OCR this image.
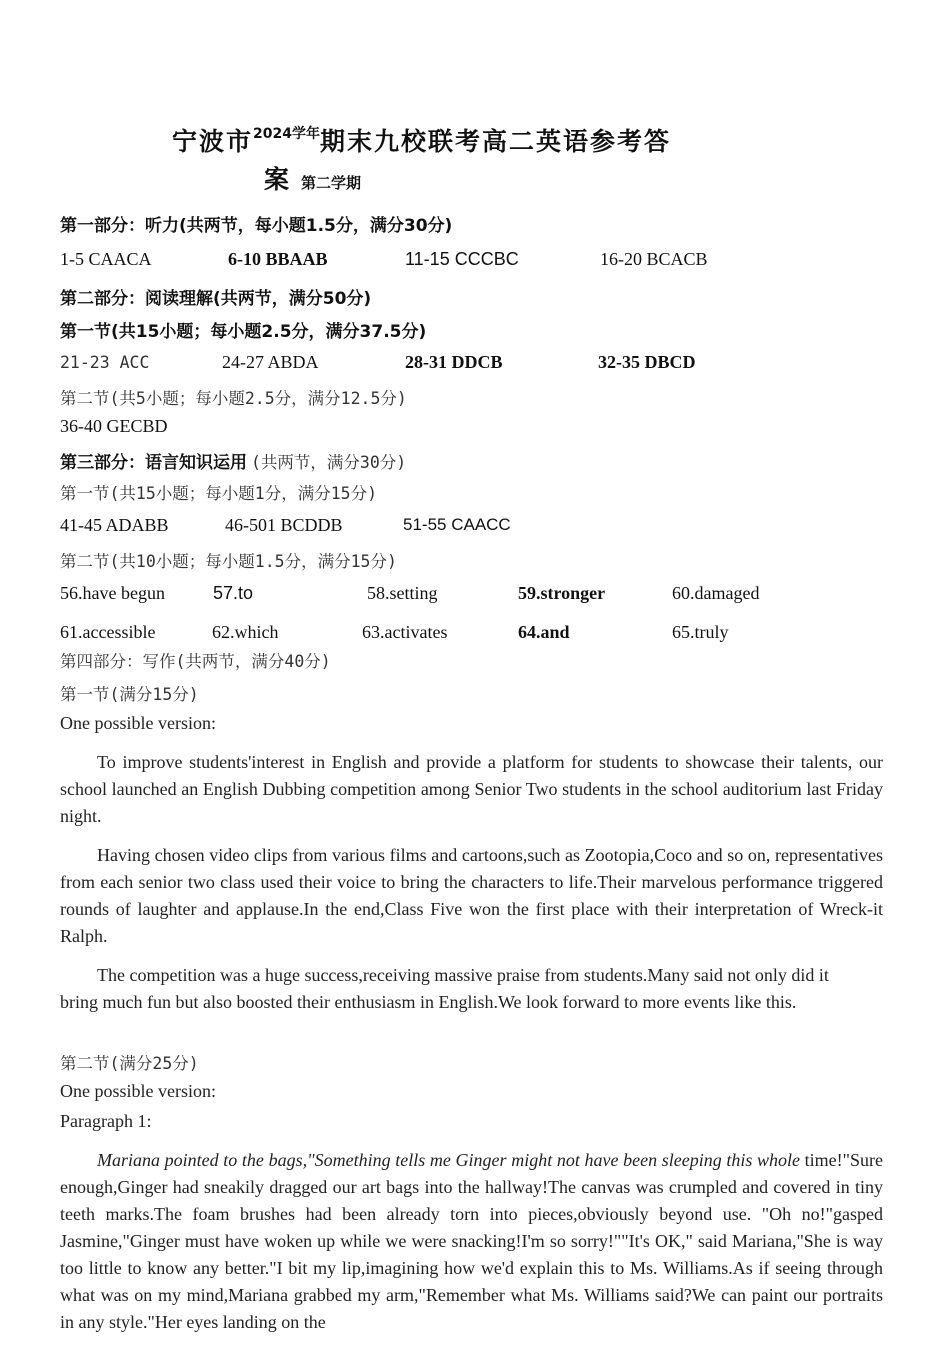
宁波市$^{2024学年}$期末九校联考高二英语参考答
案第二学期
第一部分：听力(共两节，每小题1.5分，满分30分)
1-5 CAACA	6-10 BBAAB	11-15 CCCBC	16-20 BCACB
第二部分：阅读理解(共两节，满分50分)
第一节(共15小题；每小题2.5分，满分37.5分)
21-23 ACC	24-27 ABDA	28-31 DDCB	32-35 DBCD
第二节(共5小题；每小题2.5分，满分12.5分)
36-40 GECBD
第三部分：语言知识运用 (共两节，满分30分)
第一节(共15小题；每小题1分，满分15分)
41-45 ADABB	46-501 BCDDB	51-55 CAACC
第二节(共10小题；每小题1.5分，满分15分)
56.have begun	57.to	58.setting	59.stronger	60.damaged
61.accessible	62.which	63.activates	64.and	65.truly
第四部分：写作(共两节，满分40分)
第一节(满分15分)
One possible version:

To improve students'interest in English and provide a platform for students to showcase their talents, our school launched an English Dubbing competition among Senior Two students in the school auditorium last Friday night.

Having chosen video clips from various films and cartoons,such as Zootopia,Coco and so on, representatives from each senior two class used their voice to bring the characters to life.Their marvelous performance triggered rounds of laughter and applause.In the end,Class Five won the first place with their interpretation of Wreck-it Ralph.

The competition was a huge success,receiving massive praise from students.Many said not only did it bring much fun but also boosted their enthusiasm in English.We look forward to more events like this.

第二节(满分25分)
One possible version:
Paragraph 1:

Mariana pointed to the bags,"Something tells me Ginger might not have been sleeping this whole time!"Sure enough,Ginger had sneakily dragged our art bags into the hallway!The canvas was crumpled and covered in tiny teeth marks.The foam brushes had been already torn into pieces,obviously beyond use. "Oh no!"gasped Jasmine,"Ginger must have woken up while we were snacking!I'm so sorry!""It's OK," said Mariana,"She is way too little to know any better."I bit my lip,imagining how we'd explain this to Ms. Williams.As if seeing through what was on my mind,Mariana grabbed my arm,"Remember what Ms. Williams said?We can paint our portraits in any style."Her eyes landing on the
